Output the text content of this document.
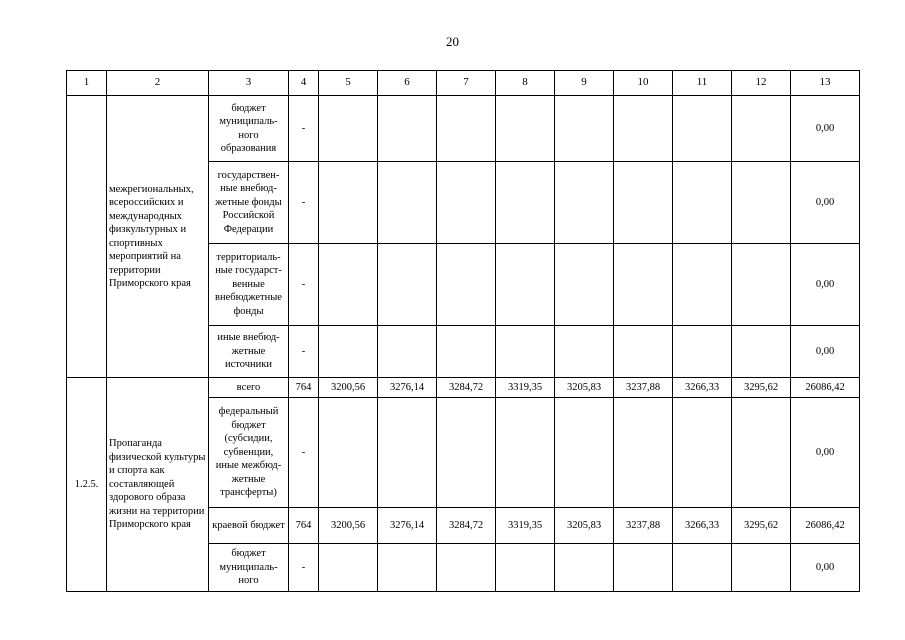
20
1	2	3	4	5	6	7	8	9	10	11	12	13
	межрегиональных, всероссийских и международных физкультурных и спортивных мероприятий на территории Приморского края	бюджет муниципаль-ного образования	-									0,00
		государствен-ные внебюд-жетные фонды Российской Федерации	-									0,00
		территориаль-ные государст-венные внебюджетные фонды	-									0,00
		иные внебюд-жетные источники	-									0,00
1.2.5.	Пропаганда физической культуры и спорта как составляющей здорового образа жизни на территории Приморского края	всего	764	3200,56	3276,14	3284,72	3319,35	3205,83	3237,88	3266,33	3295,62	26086,42
		федеральный бюджет (субсидии, субвенции, иные межбюд-жетные трансферты)	-									0,00
		краевой бюджет	764	3200,56	3276,14	3284,72	3319,35	3205,83	3237,88	3266,33	3295,62	26086,42
		бюджет муниципаль-ного	-									0,00
